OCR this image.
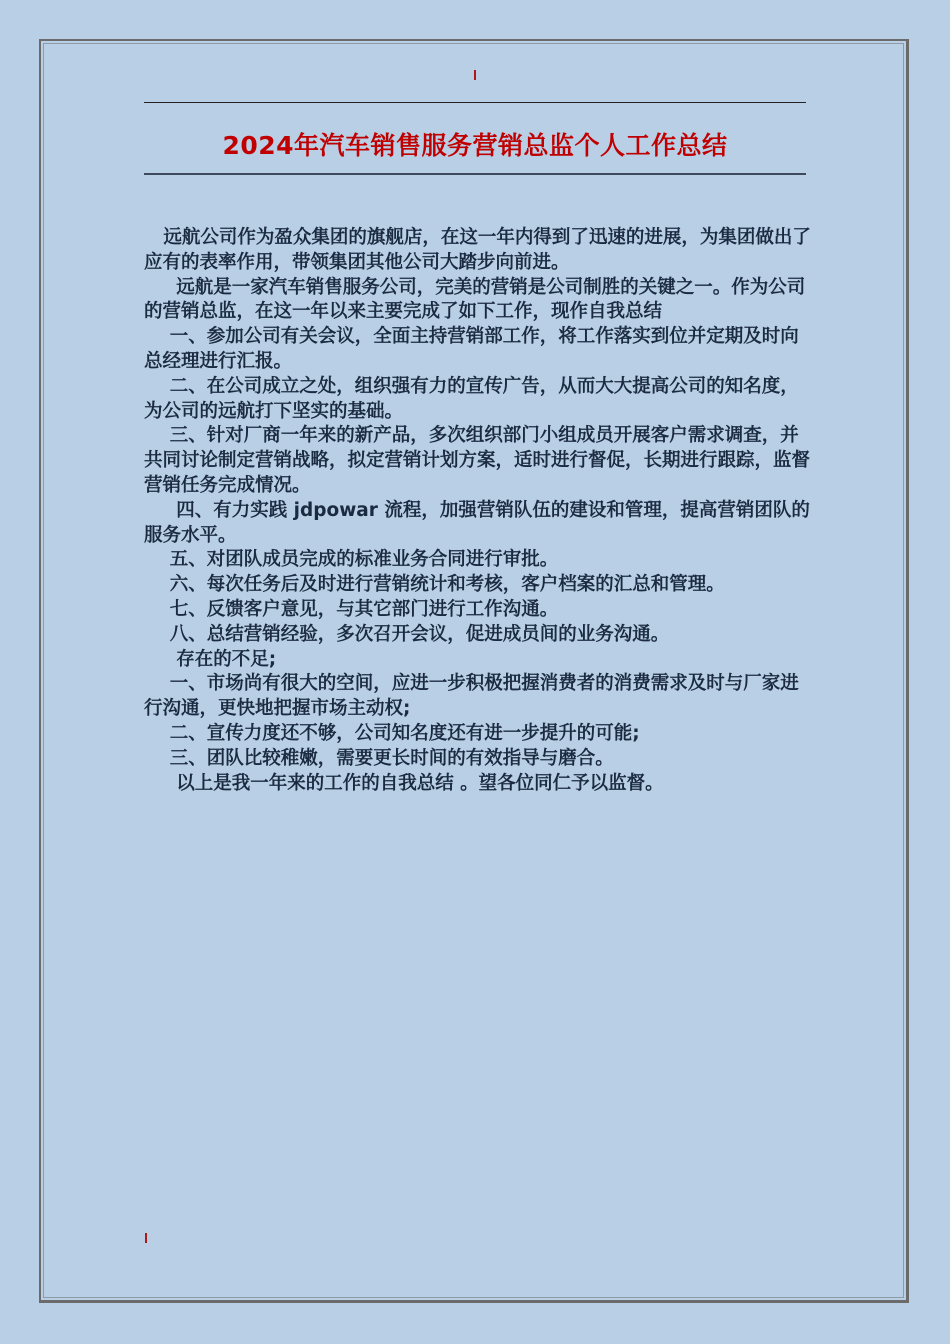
2024年汽车销售服务营销总监个人工作总结

远航公司作为盈众集团的旗舰店，在这一年内得到了迅速的进展，为集团做出了应有的表率作用，带领集团其他公司大踏步向前进。

远航是一家汽车销售服务公司，完美的营销是公司制胜的关键之一。作为公司的营销总监，在这一年以来主要完成了如下工作，现作自我总结

一、参加公司有关会议，全面主持营销部工作，将工作落实到位并定期及时向总经理进行汇报。

二、在公司成立之处，组织强有力的宣传广告，从而大大提高公司的知名度，为公司的远航打下坚实的基础。

三、针对厂商一年来的新产品，多次组织部门小组成员开展客户需求调查，并共同讨论制定营销战略，拟定营销计划方案，适时进行督促，长期进行跟踪，监督营销任务完成情况。

四、有力实践 jdpowar 流程，加强营销队伍的建设和管理，提高营销团队的服务水平。

五、对团队成员完成的标准业务合同进行审批。

六、每次任务后及时进行营销统计和考核，客户档案的汇总和管理。

七、反馈客户意见，与其它部门进行工作沟通。

八、总结营销经验，多次召开会议，促进成员间的业务沟通。

存在的不足;

一、市场尚有很大的空间，应进一步积极把握消费者的消费需求及时与厂家进行沟通，更快地把握市场主动权;

二、宣传力度还不够，公司知名度还有进一步提升的可能;

三、团队比较稚嫩，需要更长时间的有效指导与磨合。

以上是我一年来的工作的自我总结 。望各位同仁予以监督。
